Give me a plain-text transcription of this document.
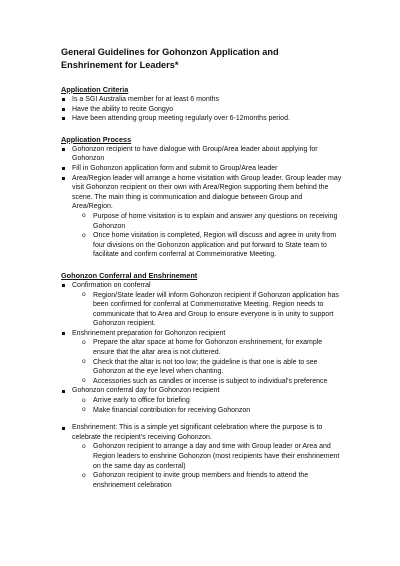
General Guidelines for Gohonzon Application and Enshrinement for Leaders*
Application Criteria
Is a SGI Australia member for at least 6 months
Have the ability to recite Gongyo
Have been attending group meeting regularly over 6-12months period.
Application Process
Gohonzon recipient to have dialogue with Group/Area leader about applying for Gohonzon
Fill in Gohonzon application form and submit to Group/Area leader
Area/Region leader will arrange a home visitation with Group leader. Group leader may visit Gohonzon recipient on their own with Area/Region supporting them behind the scene. The main thing is communication and dialogue between Group and Area/Region.
o Purpose of home visitation is to explain and answer any questions on receiving Gohonzon
o Once home visitation is completed, Region will discuss and agree in unity from four divisions on the Gohonzon application and put forward to State team to facilitate and confirm conferral at Commemorative Meeting.
Gohonzon Conferral and Enshrinement
Confirmation on conferral
o Region/State leader will inform Gohonzon recipient if Gohonzon application has been confirmed for conferral at Commemorative Meeting. Region needs to communicate that to Area and Group to ensure everyone is in unity to support Gohonzon recipient.
Enshrinement preparation for Gohonzon recipient
o Prepare the altar space at home for Gohonzon enshrinement, for example ensure that the altar area is not cluttered.
o Check that the altar is not too low; the guideline is that one is able to see Gohonzon at the eye level when chanting.
o Accessories such as candles or incense is subject to individual's preference
Gohonzon conferral day for Gohonzon recipient
o Arrive early to office for briefing
o Make financial contribution for receiving Gohonzon
Enshrinement: This is a simple yet significant celebration where the purpose is to celebrate the recipient's receiving Gohonzon.
o Gohonzon recipient to arrange a day and time with Group leader or Area and Region leaders to enshrine Gohonzon (most recipients have their enshrinement on the same day as conferral)
o Gohonzon recipient to invite group members and friends to attend the enshrinement celebration
